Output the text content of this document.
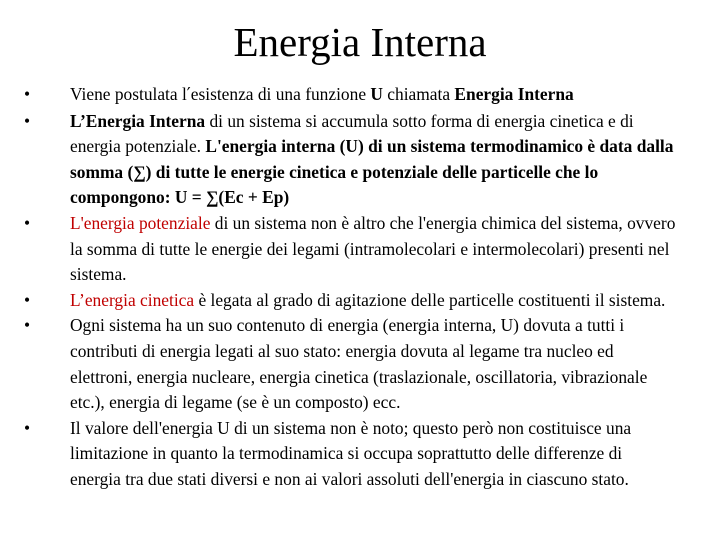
Energia Interna
•	Viene postulata l′esistenza di una funzione U chiamata Energia Interna
•	L’Energia Interna di un sistema si accumula sotto forma di energia cinetica e di energia potenziale. L'energia interna (U) di un sistema termodinamico è data dalla somma (∑) di tutte le energie cinetica e potenziale delle particelle che lo compongono: U = ∑(Ec + Ep)
•	L'energia potenziale di un sistema non è altro che l'energia chimica del sistema, ovvero la somma di tutte le energie dei legami (intramolecolari e intermolecolari) presenti nel sistema.
•	L’energia cinetica è legata al grado di agitazione delle particelle costituenti il sistema.
•	Ogni sistema ha un suo contenuto di energia (energia interna, U) dovuta a tutti i contributi di energia legati al suo stato: energia dovuta al legame tra nucleo ed elettroni, energia nucleare, energia cinetica (traslazionale, oscillatoria, vibrazionale etc.), energia di legame (se è un composto) ecc.
•	Il valore dell'energia U di un sistema non è noto; questo però non costituisce una limitazione in quanto la termodinamica si occupa soprattutto delle differenze di energia tra due stati diversi e non ai valori assoluti dell'energia in ciascuno stato.
